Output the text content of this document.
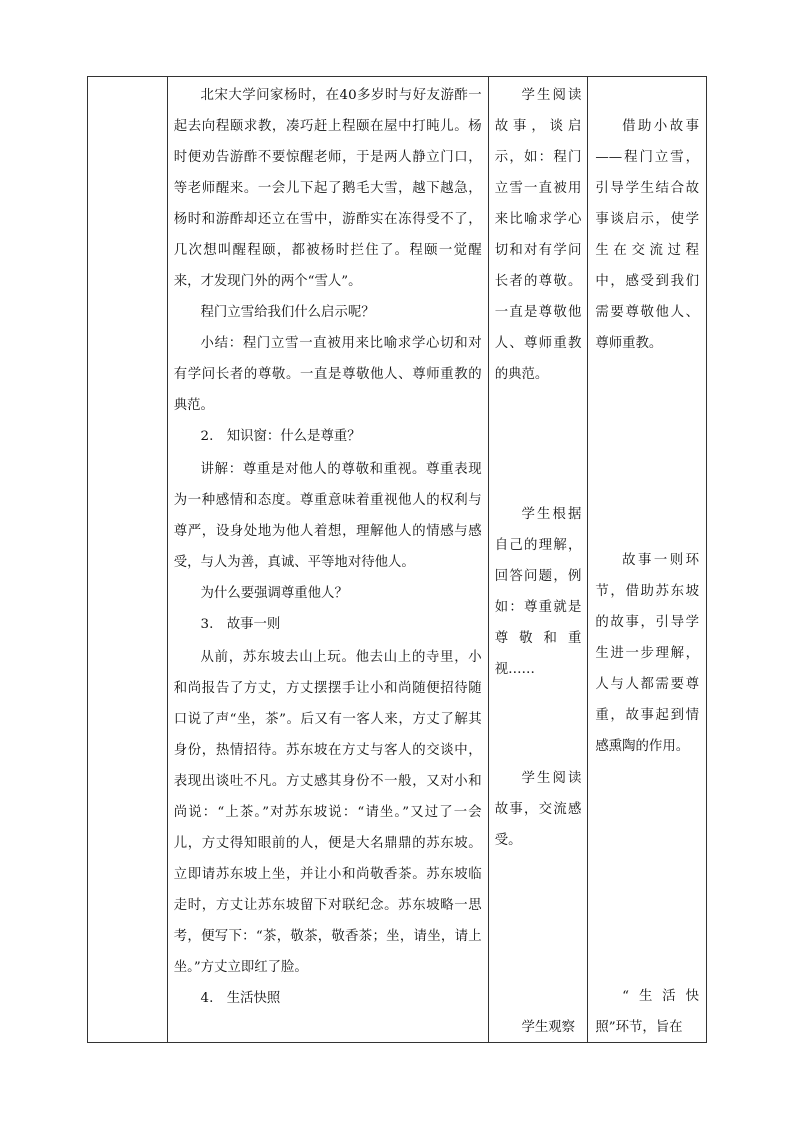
北宋大学问家杨时，在40多岁时与好友游酢一起去向程颐求教，凑巧赶上程颐在屋中打盹儿。杨时便劝告游酢不要惊醒老师，于是两人静立门口，等老师醒来。一会儿下起了鹅毛大雪，越下越急，杨时和游酢却还立在雪中，游酢实在冻得受不了，几次想叫醒程颐，都被杨时拦住了。程颐一觉醒来，才发现门外的两个“雪人”。

程门立雪给我们什么启示呢？

小结：程门立雪一直被用来比喻求学心切和对有学问长者的尊敬。一直是尊敬他人、尊师重教的典范。

2.　知识窗：什么是尊重？

讲解：尊重是对他人的尊敬和重视。尊重表现为一种感情和态度。尊重意味着重视他人的权利与尊严，设身处地为他人着想，理解他人的情感与感受，与人为善，真诚、平等地对待他人。

为什么要强调尊重他人？

3.　故事一则

从前，苏东坡去山上玩。他去山上的寺里，小和尚报告了方丈，方丈摆摆手让小和尚随便招待随口说了声“坐，茶”。后又有一客人来，方丈了解其身份，热情招待。苏东坡在方丈与客人的交谈中，表现出谈吐不凡。方丈感其身份不一般，又对小和尚说：“上茶。”对苏东坡说：“请坐。”又过了一会儿，方丈得知眼前的人，便是大名鼎鼎的苏东坡。立即请苏东坡上坐，并让小和尚敬香茶。苏东坡临走时，方丈让苏东坡留下对联纪念。苏东坡略一思考，便写下：“茶，敬茶，敬香茶；坐，请坐，请上坐。”方丈立即红了脸。

4.　生活快照

学生阅读故事，谈启示，如：程门立雪一直被用来比喻求学心切和对有学问长者的尊敬。一直是尊敬他人、尊师重教的典范。

学生根据自己的理解，回答问题，例如：尊重就是尊敬和重视……

学生阅读故事，交流感受。

学生观察

借助小故事——程门立雪，引导学生结合故事谈启示，使学生在交流过程中，感受到我们需要尊敬他人、尊师重教。

故事一则环节，借助苏东坡的故事，引导学生进一步理解，人与人都需要尊重，故事起到情感熏陶的作用。

“生活快照”环节，旨在
